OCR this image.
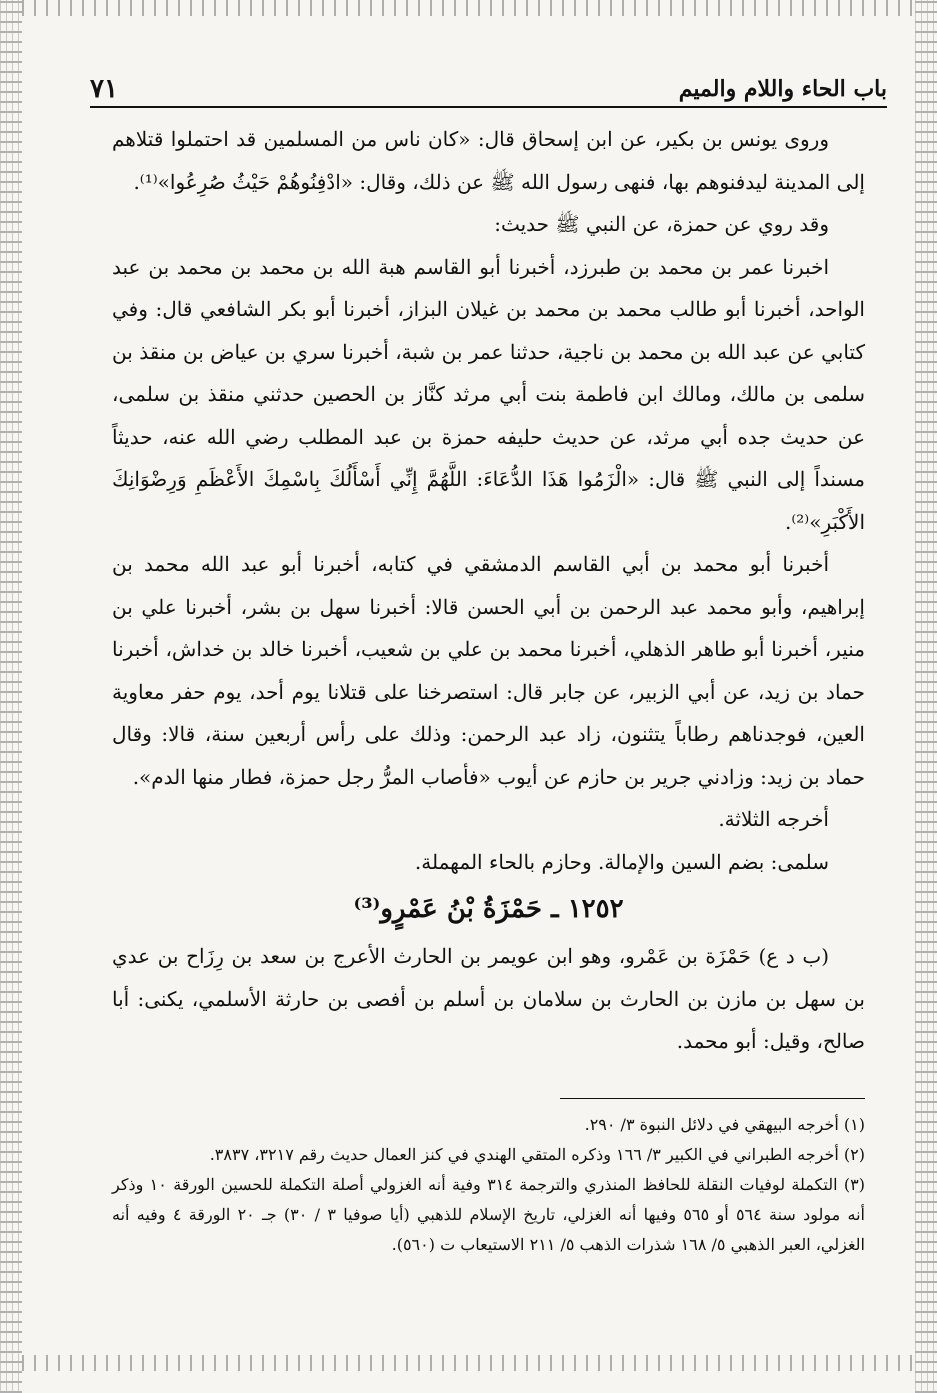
٧١	باب الحاء واللام والميم

وروى يونس بن بكير، عن ابن إسحاق قال: «كان ناس من المسلمين قد احتملوا قتلاهم إلى المدينة ليدفنوهم بها، فنهى رسول الله ﷺ عن ذلك، وقال: «ادْفِنُوهُمْ حَيْثُ صُرِعُوا»⁽¹⁾.

وقد روي عن حمزة، عن النبي ﷺ حديث:

اخبرنا عمر بن محمد بن طبرزد، أخبرنا أبو القاسم هبة الله بن محمد بن محمد بن عبد الواحد، أخبرنا أبو طالب محمد بن محمد بن غيلان البزاز، أخبرنا أبو بكر الشافعي قال: وفي كتابي عن عبد الله بن محمد بن ناجية، حدثنا عمر بن شبة، أخبرنا سري بن عياض بن منقذ بن سلمى بن مالك، ومالك ابن فاطمة بنت أبي مرثد كنَّاز بن الحصين حدثني منقذ بن سلمى، عن حديث جده أبي مرثد، عن حديث حليفه حمزة بن عبد المطلب رضي الله عنه، حديثاً مسنداً إلى النبي ﷺ قال: «الْزَمُوا هَذَا الدُّعَاءَ: اللَّهُمَّ إِنِّي أَسْأَلُكَ بِاسْمِكَ الأَعْظَمِ وَرِضْوَانِكَ الأَكْبَرِ»⁽²⁾.

أخبرنا أبو محمد بن أبي القاسم الدمشقي في كتابه، أخبرنا أبو عبد الله محمد بن إبراهيم، وأبو محمد عبد الرحمن بن أبي الحسن قالا: أخبرنا سهل بن بشر، أخبرنا علي بن منير، أخبرنا أبو طاهر الذهلي، أخبرنا محمد بن علي بن شعيب، أخبرنا خالد بن خداش، أخبرنا حماد بن زيد، عن أبي الزبير، عن جابر قال: استصرخنا على قتلانا يوم أحد، يوم حفر معاوية العين، فوجدناهم رطاباً يتثنون، زاد عبد الرحمن: وذلك على رأس أربعين سنة، قالا: وقال حماد بن زيد: وزادني جرير بن حازم عن أيوب «فأصاب المرُّ رجل حمزة، فطار منها الدم».

أخرجه الثلاثة.

سلمى: بضم السين والإمالة. وحازم بالحاء المهملة.

١٢٥٢ ـ حَمْزَةُ بْنُ عَمْرٍو⁽³⁾

(ب د ع) حَمْزَة بن عَمْرو، وهو ابن عويمر بن الحارث الأعرج بن سعد بن رِزَاح بن عدي بن سهل بن مازن بن الحارث بن سلامان بن أسلم بن أفصى بن حارثة الأسلمي، يكنى: أبا صالح، وقيل: أبو محمد.

(١) أخرجه البيهقي في دلائل النبوة ٣/ ٢٩٠.

(٢) أخرجه الطبراني في الكبير ٣/ ١٦٦ وذكره المتقي الهندي في كنز العمال حديث رقم ٣٢١٧، ٣٨٣٧.

(٣) التكملة لوفيات النقلة للحافظ المنذري والترجمة ٣١٤ وفية أنه الغزولي أصلة التكملة للحسين الورقة ١٠ وذكر أنه مولود سنة ٥٦٤ أو ٥٦٥ وفيها أنه الغزلي، تاريخ الإسلام للذهبي (أيا صوفيا ٣ / ٣٠) جـ ٢٠ الورقة ٤ وفيه أنه الغزلي، العبر الذهبي ٥/ ١٦٨ شذرات الذهب ٥/ ٢١١ الاستيعاب ت (٥٦٠).
